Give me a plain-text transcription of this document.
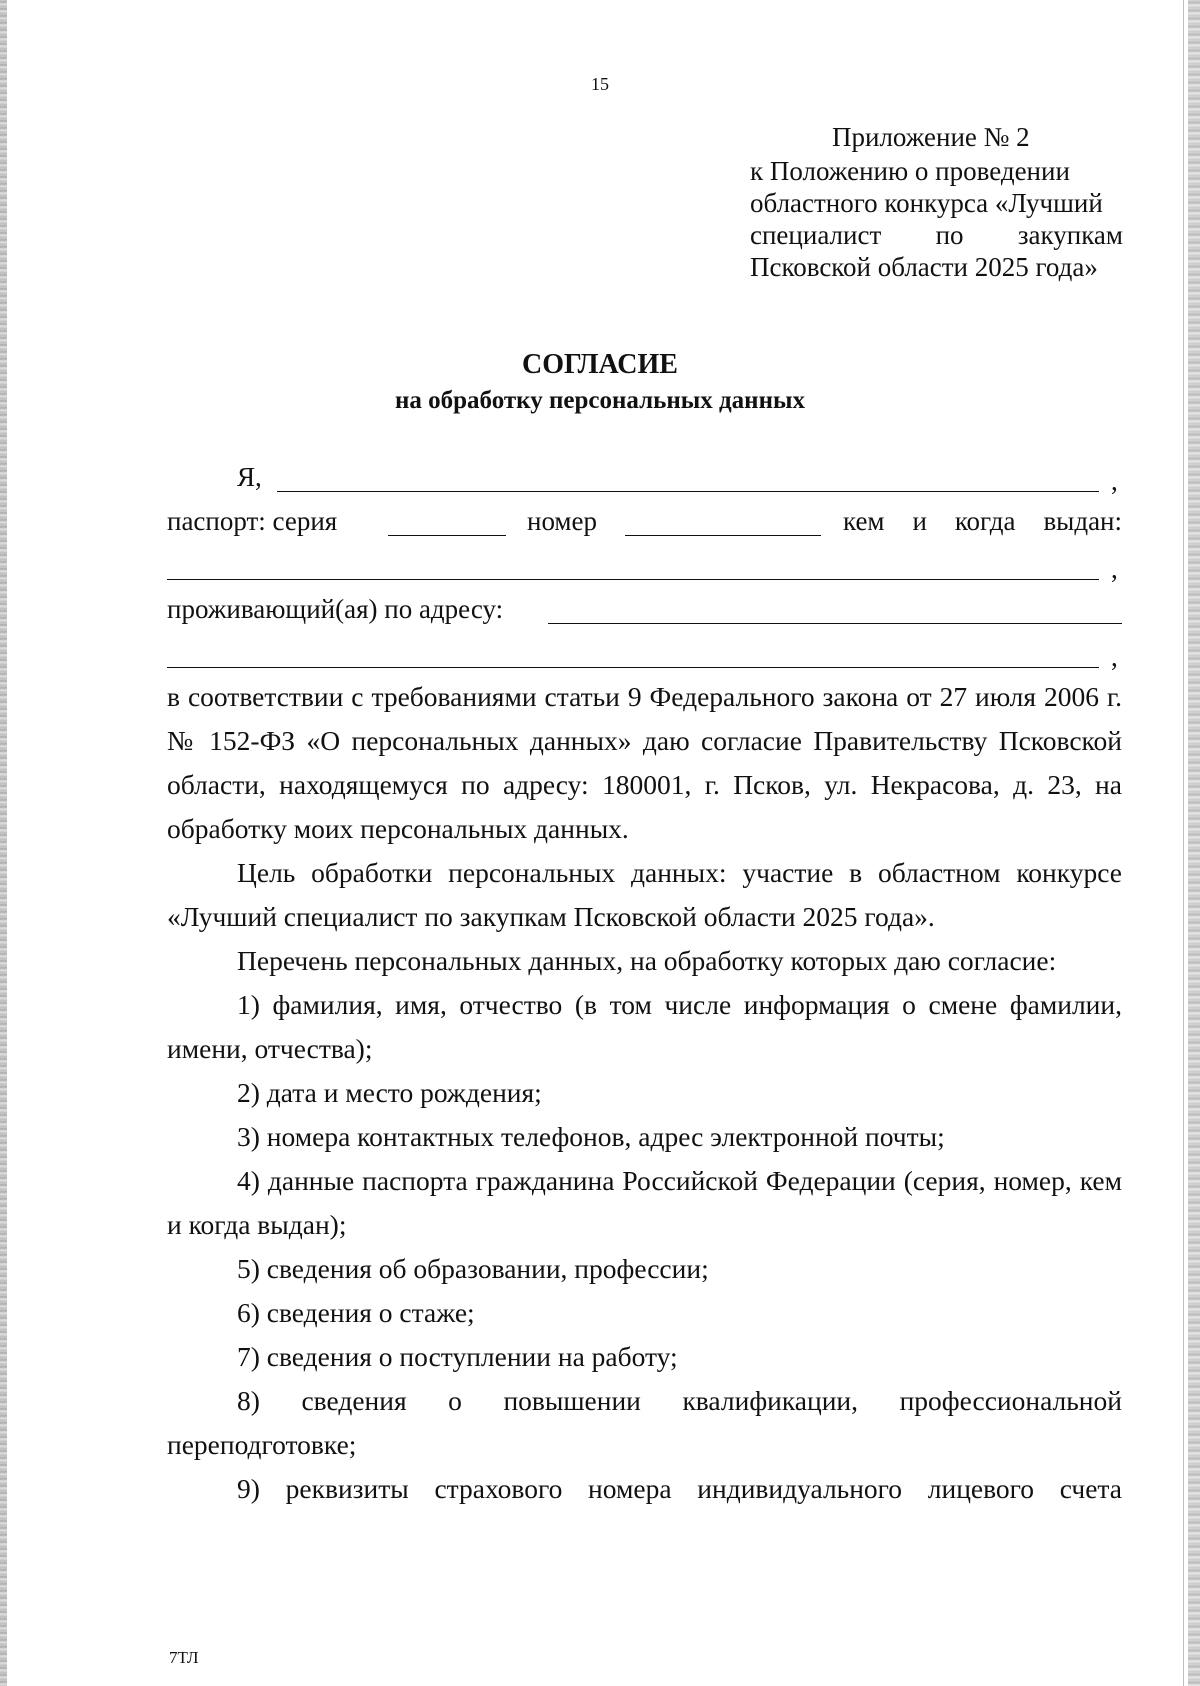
15
Приложение № 2
к Положению о проведении
областного конкурса «Лучший
специалист по закупкам
Псковской области 2025 года»
СОГЛАСИЕ
на обработку персональных данных
Я,	,
паспорт: серия	номер	кем и когда выдан:
,
проживающий(ая) по адресу:
,

в соответствии с требованиями статьи 9 Федерального закона от 27 июля 2006 г. № 152-ФЗ «О персональных данных» даю согласие Правительству Псковской области, находящемуся по адресу: 180001, г. Псков, ул. Некрасова, д. 23, на обработку моих персональных данных.

Цель обработки персональных данных: участие в областном конкурсе «Лучший специалист по закупкам Псковской области 2025 года».

Перечень персональных данных, на обработку которых даю согласие:

1) фамилия, имя, отчество (в том числе информация о смене фамилии, имени, отчества);

2) дата и место рождения;

3) номера контактных телефонов, адрес электронной почты;

4) данные паспорта гражданина Российской Федерации (серия, номер, кем и когда выдан);

5) сведения об образовании, профессии;

6) сведения о стаже;

7) сведения о поступлении на работу;

8) сведения о повышении квалификации, профессиональной переподготовке;

9) реквизиты страхового номера индивидуального лицевого счета

7ТЛ
